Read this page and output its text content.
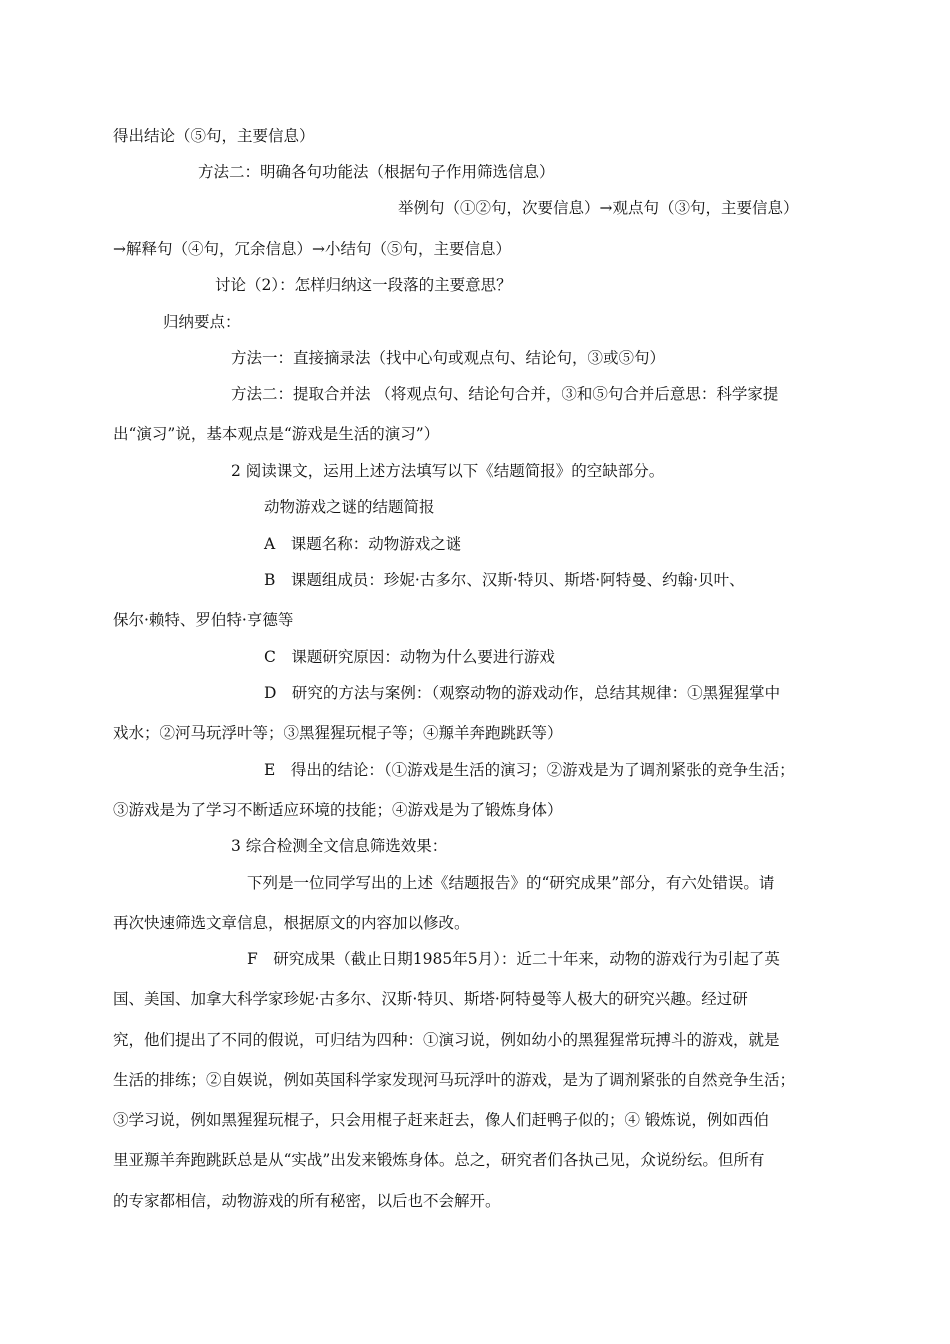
得出结论（⑤句，主要信息）
方法二：明确各句功能法（根据句子作用筛选信息）
举例句（①②句，次要信息）→观点句（③句，主要信息）
→解释句（④句，冗余信息）→小结句（⑤句，主要信息）
讨论（2）：怎样归纳这一段落的主要意思？
归纳要点：
方法一：直接摘录法（找中心句或观点句、结论句，③或⑤句）
方法二：提取合并法 （将观点句、结论句合并，③和⑤句合并后意思：科学家提
出“演习”说，基本观点是“游戏是生活的演习”）
2 阅读课文，运用上述方法填写以下《结题简报》的空缺部分。
动物游戏之谜的结题简报
A　课题名称：动物游戏之谜
B　课题组成员：珍妮·古多尔、汉斯·特贝、斯塔·阿特曼、约翰·贝叶、
保尔·赖特、罗伯特·亨德等
C　课题研究原因：动物为什么要进行游戏
D　研究的方法与案例：（观察动物的游戏动作，总结其规律：①黑猩猩掌中
戏水；②河马玩浮叶等；③黑猩猩玩棍子等；④羱羊奔跑跳跃等）
E　得出的结论：（①游戏是生活的演习；②游戏是为了调剂紧张的竞争生活；
③游戏是为了学习不断适应环境的技能；④游戏是为了锻炼身体）
3 综合检测全文信息筛选效果：
下列是一位同学写出的上述《结题报告》的“研究成果”部分，有六处错误。请
再次快速筛选文章信息，根据原文的内容加以修改。
F　研究成果（截止日期1985年5月）：近二十年来，动物的游戏行为引起了英
国、美国、加拿大科学家珍妮·古多尔、汉斯·特贝、斯塔·阿特曼等人极大的研究兴趣。经过研
究，他们提出了不同的假说，可归结为四种：①演习说，例如幼小的黑猩猩常玩搏斗的游戏，就是
生活的排练；②自娱说，例如英国科学家发现河马玩浮叶的游戏，是为了调剂紧张的自然竞争生活；
③学习说，例如黑猩猩玩棍子，只会用棍子赶来赶去，像人们赶鸭子似的；④ 锻炼说，例如西伯
里亚羱羊奔跑跳跃总是从“实战”出发来锻炼身体。总之，研究者们各执己见，众说纷纭。但所有
的专家都相信，动物游戏的所有秘密，以后也不会解开。
